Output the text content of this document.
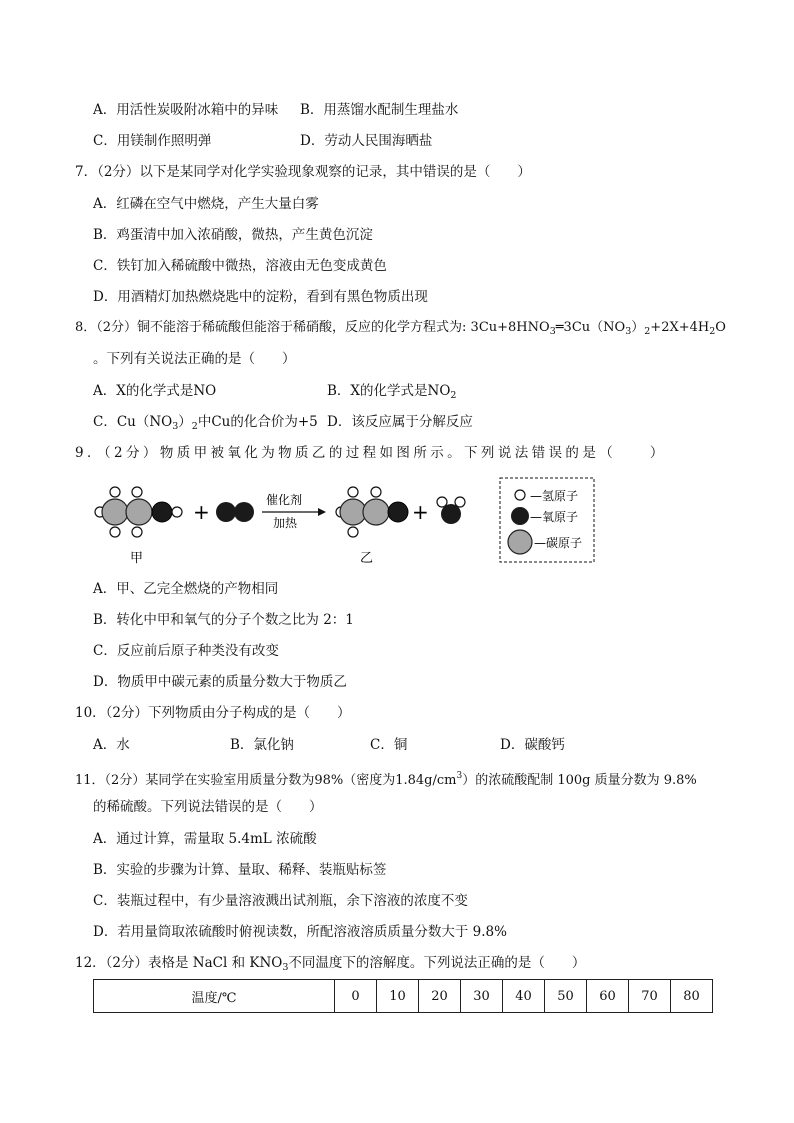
A．用活性炭吸附冰箱中的异味 B．用蒸馏水配制生理盐水
C．用镁制作照明弹	D．劳动人民围海晒盐
7．（2分）以下是某同学对化学实验现象观察的记录，其中错误的是（　　）
A．红磷在空气中燃烧，产生大量白雾
B．鸡蛋清中加入浓硝酸，微热，产生黄色沉淀
C．铁钉加入稀硫酸中微热，溶液由无色变成黄色
D．用酒精灯加热燃烧匙中的淀粉，看到有黑色物质出现
8．（2分）铜不能溶于稀硫酸但能溶于稀硝酸，反应的化学方程式为: $3Cu+8HNO_3═3Cu(NO_3)_2+2X+4H_2O$
。下列有关说法正确的是（　　）
A．X的化学式是NO	B．X的化学式是$NO_2$
C．$Cu(NO_3)_2$中Cu的化合价为+5 D．该反应属于分解反应
9．（2分）物质甲被氧化为物质乙的过程如图所示。下列说法错误的是（　　）
甲
+	催化剂
加热
乙
+
—氢原子
—氧原子
—碳原子
A．甲、乙完全燃烧的产物相同
B．转化中甲和氧气的分子个数之比为 2：1
C．反应前后原子种类没有改变
D．物质甲中碳元素的质量分数大于物质乙
10．（2分）下列物质由分子构成的是（　　）
A．水	B．氯化钠	C．铜	D．碳酸钙
11．（2分）某同学在实验室用质量分数为98%（密度为$1.84g/cm^3$）的浓硫酸配制 100g 质量分数为 9.8%
的稀硫酸。下列说法错误的是（　　）
A．通过计算，需量取 5.4mL 浓硫酸
B．实验的步骤为计算、量取、稀释、装瓶贴标签
C．装瓶过程中，有少量溶液溅出试剂瓶，余下溶液的浓度不变
D．若用量筒取浓硫酸时俯视读数，所配溶液溶质质量分数大于 9.8%
12．（2分）表格是 NaCl 和 $KNO_3$不同温度下的溶解度。下列说法正确的是（　　）
温度/℃	0	10	20	30	40	50	60	70	80
